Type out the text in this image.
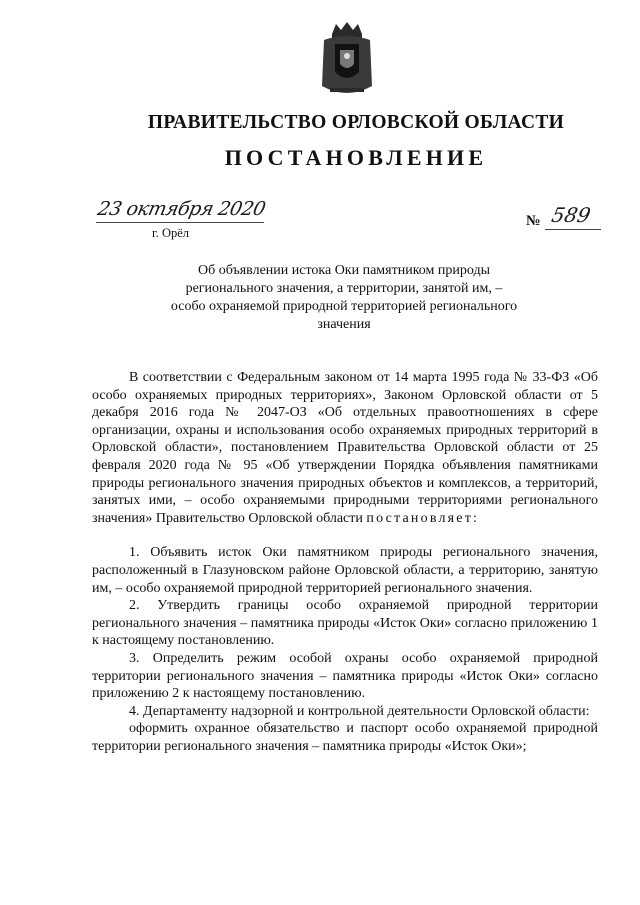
ПРАВИТЕЛЬСТВО ОРЛОВСКОЙ ОБЛАСТИ
ПОСТАНОВЛЕНИЕ
23 октября 2020
г. Орёл
№ 589
Об объявлении истока Оки памятником природы регионального значения, а территории, занятой им, – особо охраняемой природной территорией регионального значения

В соответствии с Федеральным законом от 14 марта 1995 года № 33-ФЗ «Об особо охраняемых природных территориях», Законом Орловской области от 5 декабря 2016 года № 2047-ОЗ «Об отдельных правоотношениях в сфере организации, охраны и использования особо охраняемых природных территорий в Орловской области», постановлением Правительства Орловской области от 25 февраля 2020 года № 95 «Об утверждении Порядка объявления памятниками природы регионального значения природных объектов и комплексов, а территорий, занятых ими, – особо охраняемыми природными территориями регионального значения» Правительство Орловской области постановляет:

1. Объявить исток Оки памятником природы регионального значения, расположенный в Глазуновском районе Орловской области, а территорию, занятую им, – особо охраняемой природной территорией регионального значения.

2. Утвердить границы особо охраняемой природной территории регионального значения – памятника природы «Исток Оки» согласно приложению 1 к настоящему постановлению.

3. Определить режим особой охраны особо охраняемой природной территории регионального значения – памятника природы «Исток Оки» согласно приложению 2 к настоящему постановлению.

4. Департаменту надзорной и контрольной деятельности Орловской области:

оформить охранное обязательство и паспорт особо охраняемой природной территории регионального значения – памятника природы «Исток Оки»;
